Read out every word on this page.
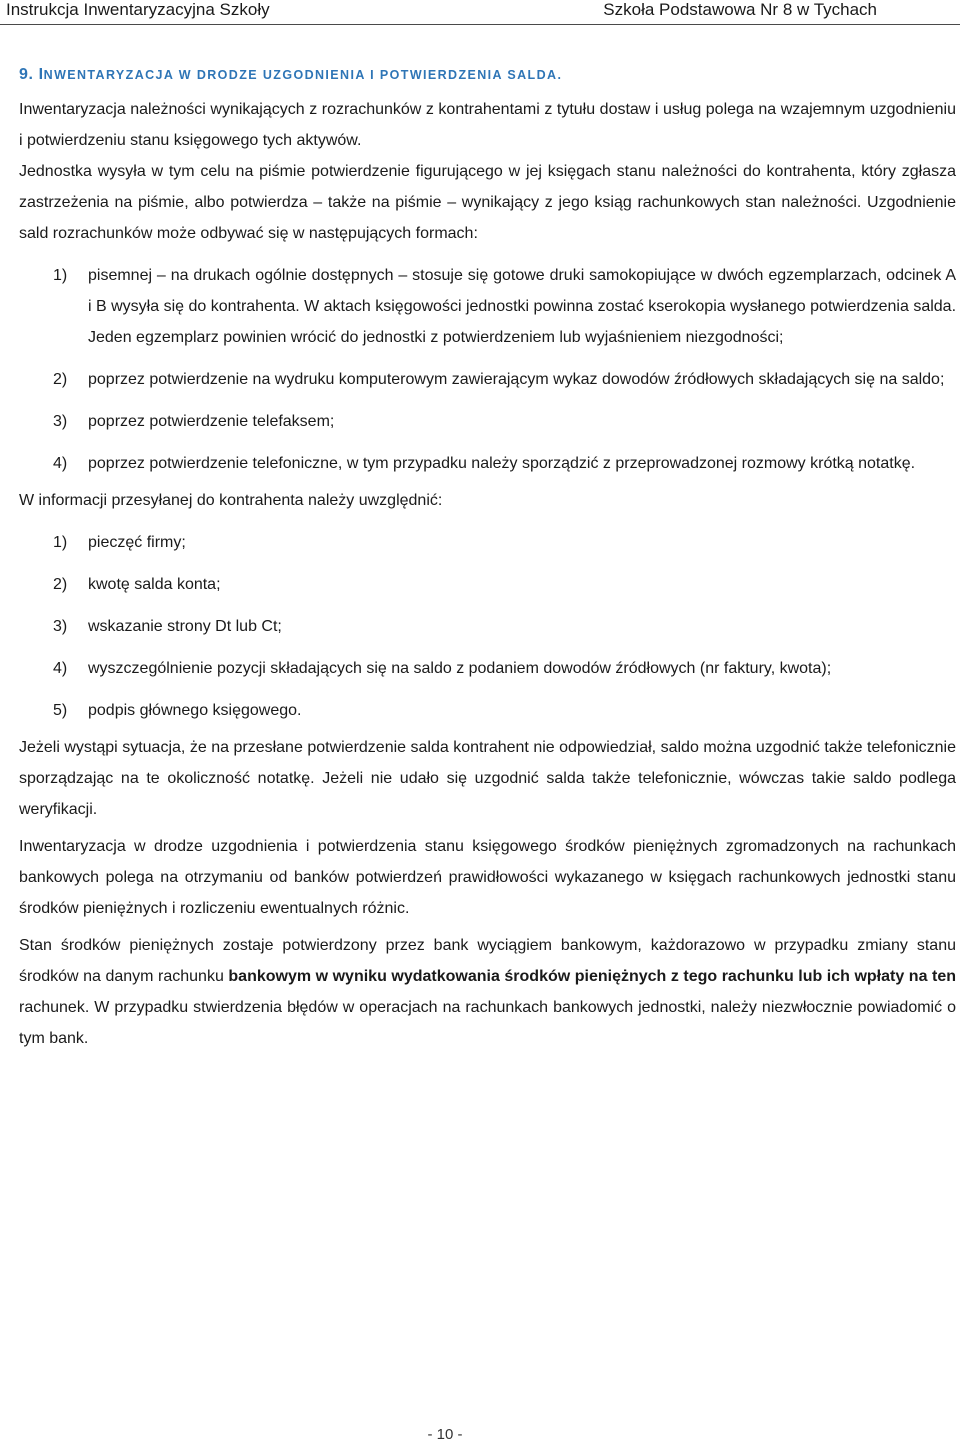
Instrukcja Inwentaryzacyjna Szkoły	Szkoła Podstawowa Nr 8 w Tychach
9. INWENTARYZACJA W DRODZE UZGODNIENIA I POTWIERDZENIA SALDA.

Inwentaryzacja należności wynikających z rozrachunków z kontrahentami z tytułu dostaw i usług polega na wzajemnym uzgodnieniu i potwierdzeniu stanu księgowego tych aktywów.

Jednostka wysyła w tym celu na piśmie potwierdzenie figurującego w jej księgach stanu należności do kontrahenta, który zgłasza zastrzeżenia na piśmie, albo potwierdza – także na piśmie – wynikający z jego ksiąg rachunkowych stan należności. Uzgodnienie sald rozrachunków może odbywać się w następujących formach:

1) pisemnej – na drukach ogólnie dostępnych – stosuje się gotowe druki samokopiujące w dwóch egzemplarzach, odcinek A i B wysyła się do kontrahenta. W aktach księgowości jednostki powinna zostać kserokopia wysłanego potwierdzenia salda. Jeden egzemplarz powinien wrócić do jednostki z potwierdzeniem lub wyjaśnieniem niezgodności;
2) poprzez potwierdzenie na wydruku komputerowym zawierającym wykaz dowodów źródłowych składających się na saldo;
3) poprzez potwierdzenie telefaksem;
4) poprzez potwierdzenie telefoniczne, w tym przypadku należy sporządzić z przeprowadzonej rozmowy krótką notatkę.

W informacji przesyłanej do kontrahenta należy uwzględnić:

1) pieczęć firmy;
2) kwotę salda konta;
3) wskazanie strony Dt lub Ct;
4) wyszczególnienie pozycji składających się na saldo z podaniem dowodów źródłowych (nr faktury, kwota);
5) podpis głównego księgowego.

Jeżeli wystąpi sytuacja, że na przesłane potwierdzenie salda kontrahent nie odpowiedział, saldo można uzgodnić także telefonicznie sporządzając na te okoliczność notatkę. Jeżeli nie udało się uzgodnić salda także telefonicznie, wówczas takie saldo podlega weryfikacji.

Inwentaryzacja w drodze uzgodnienia i potwierdzenia stanu księgowego środków pieniężnych zgromadzonych na rachunkach bankowych polega na otrzymaniu od banków potwierdzeń prawidłowości wykazanego w księgach rachunkowych jednostki stanu środków pieniężnych i rozliczeniu ewentualnych różnic.

Stan środków pieniężnych zostaje potwierdzony przez bank wyciągiem bankowym, każdorazowo w przypadku zmiany stanu środków na danym rachunku bankowym w wyniku wydatkowania środków pieniężnych z tego rachunku lub ich wpłaty na ten rachunek. W przypadku stwierdzenia błędów w operacjach na rachunkach bankowych jednostki, należy niezwłocznie powiadomić o tym bank.

- 10 -
